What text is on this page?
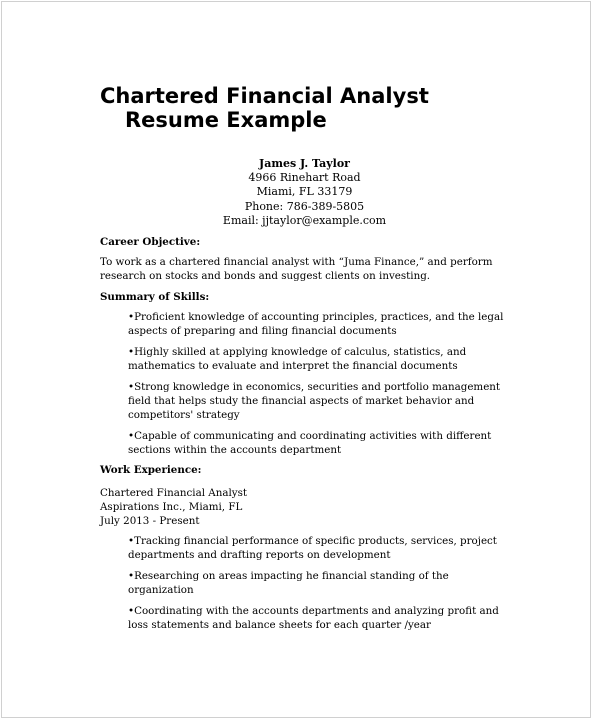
Chartered Financial Analyst
Resume Example
James J. Taylor
4966 Rinehart Road
Miami, FL 33179
Phone: 786-389-5805
Email: jjtaylor@example.com
Career Objective:
To work as a chartered financial analyst with “Juma Finance,” and perform
research on stocks and bonds and suggest clients on investing.
Summary of Skills:
•Proficient knowledge of accounting principles, practices, and the legal
aspects of preparing and filing financial documents
•Highly skilled at applying knowledge of calculus, statistics, and
mathematics to evaluate and interpret the financial documents
•Strong knowledge in economics, securities and portfolio management
field that helps study the financial aspects of market behavior and
competitors' strategy
•Capable of communicating and coordinating activities with different
sections within the accounts department
Work Experience:
Chartered Financial Analyst
Aspirations Inc., Miami, FL
July 2013 - Present
•Tracking financial performance of specific products, services, project
departments and drafting reports on development
•Researching on areas impacting he financial standing of the
organization
•Coordinating with the accounts departments and analyzing profit and
loss statements and balance sheets for each quarter /year
